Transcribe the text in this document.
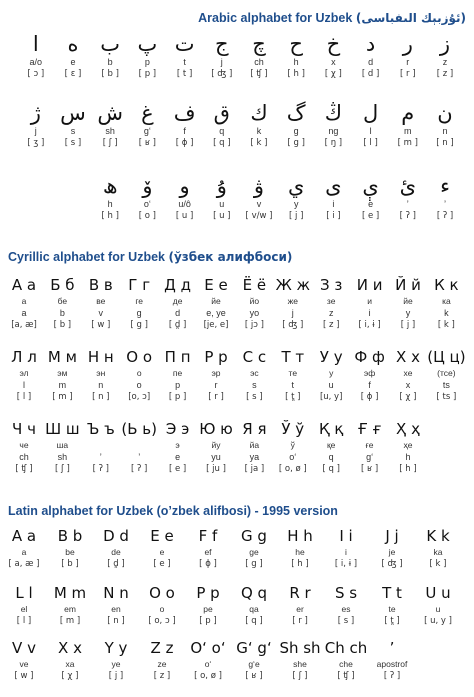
Arabic alphabet for Uzbek (ئۇزبېك الىفباسى)
ز
z
[ z ]
ر
r
[ r ]
د
d
[ d ]
خ
x
[ χ ]
ح
h
[ h ]
چ
ch
[ ʧ ]
ج
j
[ ʤ ]
ت
t
[ t ]
پ
p
[ p ]
ب
b
[ b ]
ە
e
[ ɛ ]
ا
a/o
[ ɔ ]
ن
n
[ n ]
م
m
[ m ]
ل
l
[ l ]
ڭ
ng
[ ŋ ]
گ
g
[ g ]
ك
k
[ k ]
ق
q
[ q ]
ف
f
[ ɸ ]
غ
g‘
[ ʁ ]
ش
sh
[ ʃ ]
س
s
[ s ]
ژ
j
[ ʒ ]
ء
’
[ ʔ ]
ئ
’
[ ʔ ]
ې
e
[ e ]
ى
i
[ i ]
ي
y
[ j ]
ۋ
v
[ v/w ]
ۇ
u
[ u ]
و
u/ô
[ u ]
ۆ
o‘
[ o ]
ھ
h
[ h ]
Cyrillic alphabet for Uzbek (ўзбек алифбоси)
А а
а
a
[a, æ]
Б б
бе
b
[ b ]
В в
ве
v
[ w ]
Г г
ге
g
[ g ]
Д д
де
d
[ d̪ ]
Е е
йе
e, ye
[je, e]
Ё ё
йо
yo
[ jɔ ]
Ж ж
же
j
[ ʤ ]
З з
зе
z
[ z ]
И и
и
i
[ i, ɨ ]
Й й
йе
y
[ j ]
К к
ка
k
[ k ]
Л л
эл
l
[ l ]
М м
эм
m
[ m ]
Н н
эн
n
[ n ]
О о
о
o
[o, ɔ]
П п
пе
p
[ p ]
Р р
эр
r
[ r ]
С с
эс
s
[ s ]
Т т
те
t
[ t̪ ]
У у
у
u
[u, y]
Ф ф
эф
f
[ ɸ ]
Х х
хе
x
[ χ ]
(Ц ц)
(тсе)
ts
[ ts ]
Ч ч
че
ch
[ ʧ ]
Ш ш
ша
sh
[ ʃ ]
Ъ ъ
’
[ ʔ ]
(Ь ь)
’
[ ʔ ]
Э э
э
e
[ e ]
Ю ю
йу
yu
[ ju ]
Я я
йа
ya
[ ja ]
Ў ў
ў
o‘
[ o, ø ]
Қ қ
қе
q
[ q ]
Ғ ғ
ғе
g‘
[ ʁ ]
Ҳ ҳ
ҳе
h
[ h ]
Latin alphabet for Uzbek (o’zbek alifbosi) - 1995 version
A a
a
[ a, æ ]
B b
be
[ b ]
D d
de
[ d̪ ]
E e
e
[ e ]
F f
ef
[ ɸ ]
G g
ge
[ g ]
H h
he
[ h ]
I i
i
[ i, ɨ ]
J j
je
[ ʤ ]
K k
ka
[ k ]
L l
el
[ l ]
M m
em
[ m ]
N n
en
[ n ]
O o
o
[ o, ɔ ]
P p
pe
[ p ]
Q q
qa
[ q ]
R r
er
[ r ]
S s
es
[ s ]
T t
te
[ t̪ ]
U u
u
[ u, y ]
V v
ve
[ w ]
X x
xa
[ χ ]
Y y
ye
[ j ]
Z z
ze
[ z ]
O‘ o‘
o‘
[ o, ø ]
G‘ g‘
g‘e
[ ʁ ]
Sh sh
she
[ ʃ ]
Ch ch
che
[ ʧ ]
’
apostrof
[ ʔ ]
